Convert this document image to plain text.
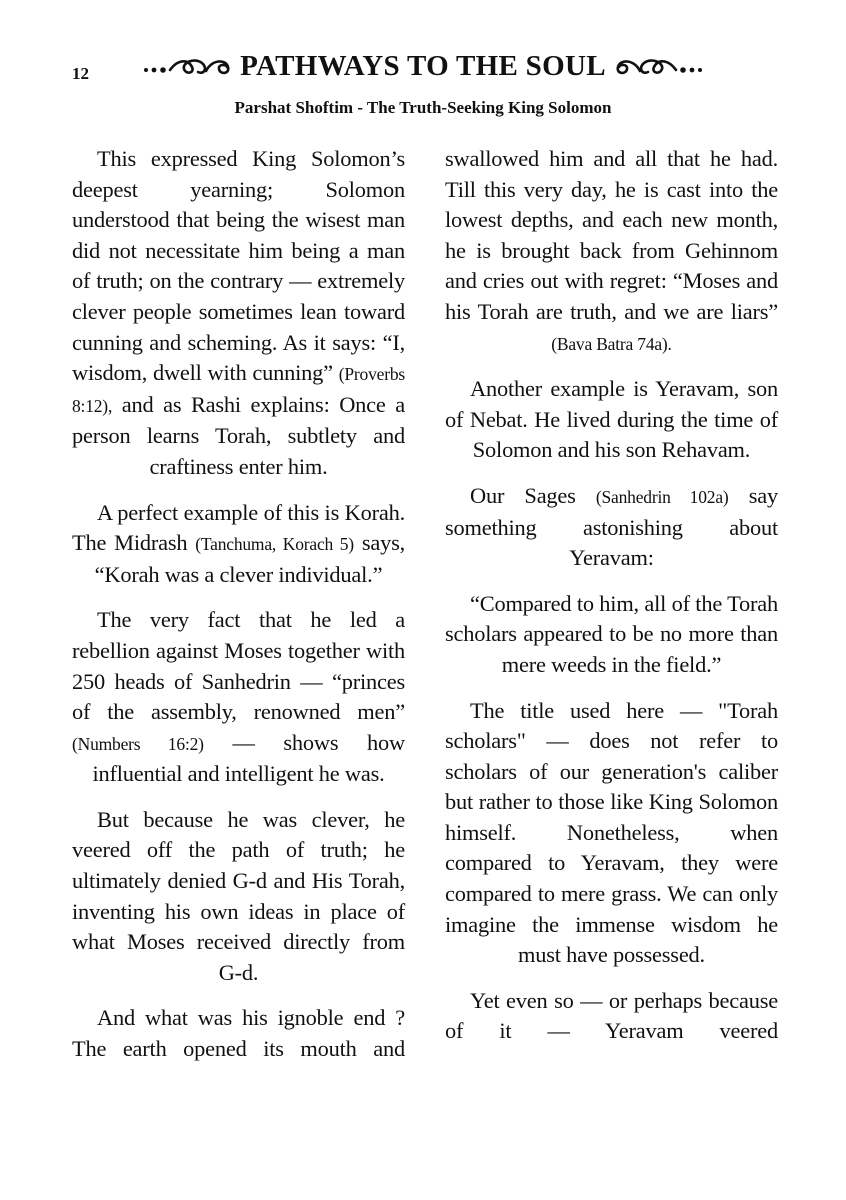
12	PATHWAYS TO THE SOUL
Parshat Shoftim - The Truth-Seeking King Solomon

This expressed King Solomon’s deepest yearning; Solomon understood that being the wisest man did not necessitate him being a man of truth; on the contrary — extremely clever people sometimes lean toward cunning and scheming. As it says: “I, wisdom, dwell with cunning” (Proverbs 8:12), and as Rashi explains: Once a person learns Torah, subtlety and craftiness enter him.

A perfect example of this is Korah. The Midrash (Tanchuma, Korach 5) says, “Korah was a clever individual.”

The very fact that he led a rebellion against Moses together with 250 heads of Sanhedrin — “princes of the assembly, renowned men” (Numbers 16:2) — shows how influential and intelligent he was.

But because he was clever, he veered off the path of truth; he ultimately denied G-d and His Torah, inventing his own ideas in place of what Moses received directly from G-d.

And what was his ignoble end ? The earth opened its mouth and

swallowed him and all that he had. Till this very day, he is cast into the lowest depths, and each new month, he is brought back from Gehinnom and cries out with regret: “Moses and his Torah are truth, and we are liars” (Bava Batra 74a).

Another example is Yeravam, son of Nebat. He lived during the time of Solomon and his son Rehavam.

Our Sages (Sanhedrin 102a) say something astonishing about Yeravam:

“Compared to him, all of the Torah scholars appeared to be no more than mere weeds in the field.”

The title used here — "Torah scholars" — does not refer to scholars of our generation's caliber but rather to those like King Solomon himself. Nonetheless, when compared to Yeravam, they were compared to mere grass. We can only imagine the immense wisdom he must have possessed.

Yet even so — or perhaps because of it — Yeravam veered
